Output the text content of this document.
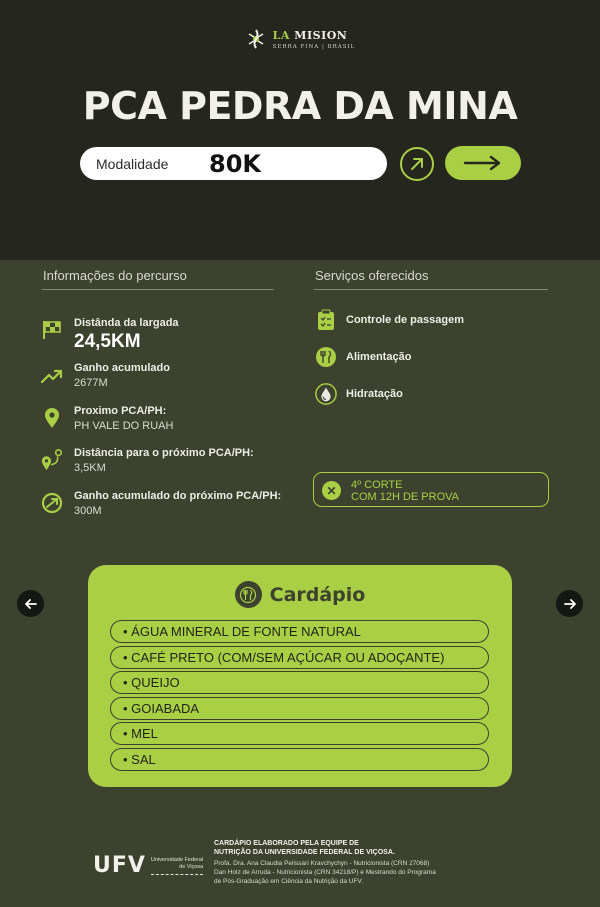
LA MISION
SERRA FINA | BRASIL
PCA PEDRA DA MINA
Modalidade 80K
Informações do percurso	Serviços oferecidos
Distânda da largada
24,5KM
Ganho acumulado
2677M
Proximo PCA/PH:
PH VALE DO RUAH
Distância para o próximo PCA/PH:
3,5KM
Ganho acumulado do próximo PCA/PH:
300M
Controle de passagem
Alimentação
Hidratação
✕	4º CORTE
COM 12H DE PROVA
Cardápio
• ÁGUA MINERAL DE FONTE NATURAL
• CAFÉ PRETO (COM/SEM AÇÚCAR OU ADOÇANTE)
• QUEIJO
• GOIABADA
• MEL
• SAL
UFV Universidade Federal
de Viçosa
CARDÁPIO ELABORADO PELA EQUIPE DE
NUTRIÇÃO DA UNIVERSIDADE FEDERAL DE VIÇOSA.
Profa. Dra. Ana Claudia Pelissari Kravchychyn - Nutricionista (CRN 27068)
Dan Holz de Arruda - Nutricionista (CRN 34218/P) e Mestrando do Programa
de Pós-Graduação em Ciência da Nutrição da UFV.
